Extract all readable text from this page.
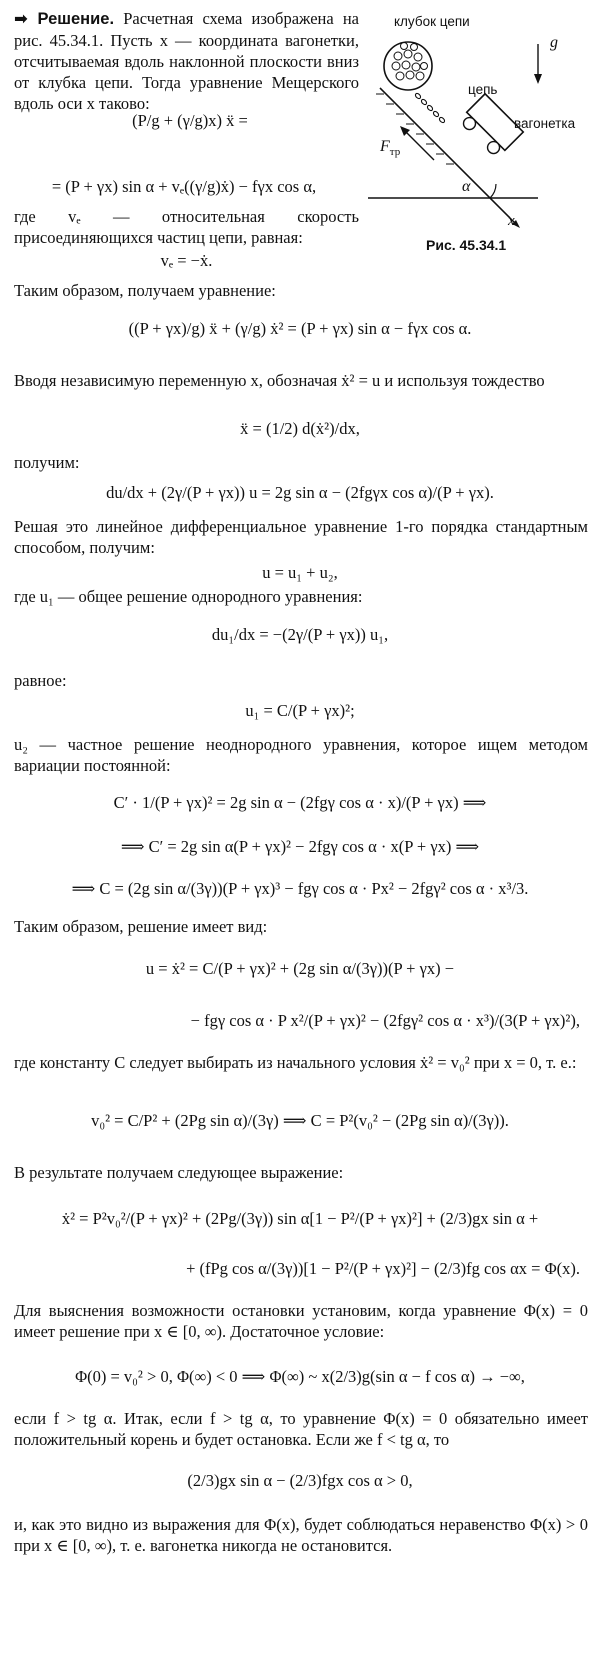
клубок цепи
цепь
вагонетка
g
$F_{тр}$
α
x
Рис. 45.34.1
➡ Решение. Расчетная схема изображена на рис. 45.34.1. Пусть x — координата вагонетки, отсчитываемая вдоль наклонной плоскости вниз от клубка цепи. Тогда уравнение Мещерского вдоль оси x таково:
(P/g + (γ/g)x) ẍ =
= (P + γx) sin α + vₑ((γ/g)ẋ) − fγx cos α,
где vₑ — относительная скорость присоединяющихся частиц цепи, равная:
vₑ = −ẋ.
Таким образом, получаем уравнение:
((P + γx)/g) ẍ + (γ/g) ẋ² = (P + γx) sin α − fγx cos α.
Вводя независимую переменную x, обозначая ẋ² = u и используя тождество
ẍ = (1/2) d(ẋ²)/dx,
получим:
du/dx + (2γ/(P + γx)) u = 2g sin α − (2fgγx cos α)/(P + γx).
Решая это линейное дифференциальное уравнение 1-го порядка стандартным способом, получим:
u = u₁ + u₂,
где u₁ — общее решение однородного уравнения:
du₁/dx = −(2γ/(P + γx)) u₁,
равное:
u₁ = C/(P + γx)²;
u₂ — частное решение неоднородного уравнения, которое ищем методом вариации постоянной:
C′ · 1/(P + γx)² = 2g sin α − (2fgγ cos α · x)/(P + γx) ⟹
⟹ C′ = 2g sin α(P + γx)² − 2fgγ cos α · x(P + γx) ⟹
⟹ C = (2g sin α/(3γ))(P + γx)³ − fgγ cos α · Px² − 2fgγ² cos α · x³/3.
Таким образом, решение имеет вид:
u = ẋ² = C/(P + γx)² + (2g sin α/(3γ))(P + γx) −
− fgγ cos α · P x²/(P + γx)² − (2fgγ² cos α · x³)/(3(P + γx)²),
где константу C следует выбирать из начального условия ẋ² = v₀² при x = 0, т. е.:
v₀² = C/P² + (2Pg sin α)/(3γ) ⟹ C = P²(v₀² − (2Pg sin α)/(3γ)).
В результате получаем следующее выражение:
ẋ² = P²v₀²/(P + γx)² + (2Pg/(3γ)) sin α[1 − P²/(P + γx)²] + (2/3)gx sin α +
+ (fPg cos α/(3γ))[1 − P²/(P + γx)²] − (2/3)fg cos αx = Φ(x).
Для выяснения возможности остановки установим, когда уравнение Φ(x) = 0 имеет решение при x ∈ [0, ∞). Достаточное условие:
Φ(0) = v₀² > 0, Φ(∞) < 0 ⟹ Φ(∞) ~ x(2/3)g(sin α − f cos α) → −∞,
если f > tg α. Итак, если f > tg α, то уравнение Φ(x) = 0 обязательно имеет положительный корень и будет остановка. Если же f < tg α, то
(2/3)gx sin α − (2/3)fgx cos α > 0,
и, как это видно из выражения для Φ(x), будет соблюдаться неравенство Φ(x) > 0 при x ∈ [0, ∞), т. е. вагонетка никогда не остановится.
